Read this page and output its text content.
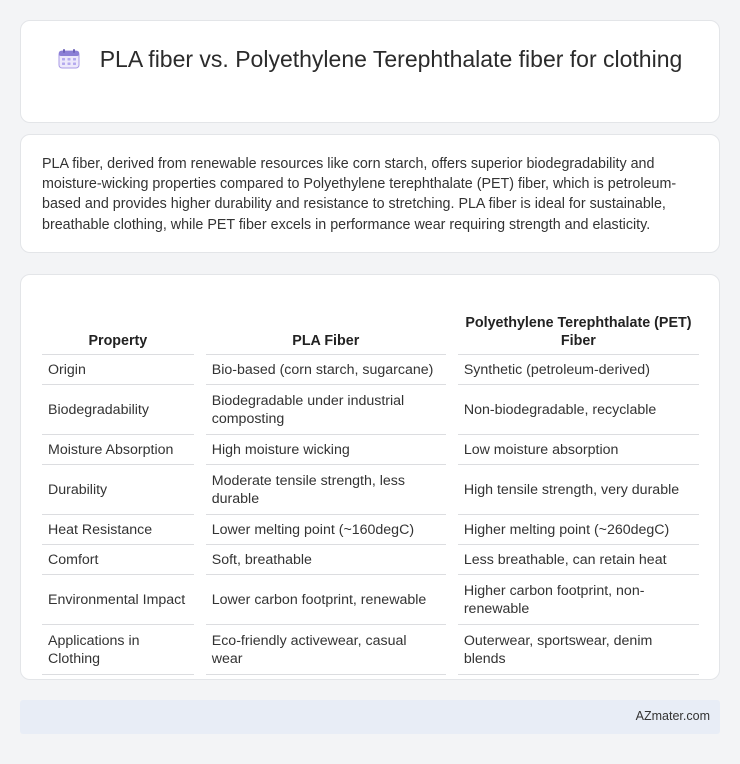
PLA fiber vs. Polyethylene Terephthalate fiber for clothing

PLA fiber, derived from renewable resources like corn starch, offers superior biodegradability and moisture-wicking properties compared to Polyethylene terephthalate (PET) fiber, which is petroleum-based and provides higher durability and resistance to stretching. PLA fiber is ideal for sustainable, breathable clothing, while PET fiber excels in performance wear requiring strength and elasticity.

Property		PLA Fiber		Polyethylene Terephthalate (PET) Fiber
Origin		Bio-based (corn starch, sugarcane)		Synthetic (petroleum-derived)
Biodegradability		Biodegradable under industrial composting		Non-biodegradable, recyclable
Moisture Absorption		High moisture wicking		Low moisture absorption
Durability		Moderate tensile strength, less durable		High tensile strength, very durable
Heat Resistance		Lower melting point (~160degC)		Higher melting point (~260degC)
Comfort		Soft, breathable		Less breathable, can retain heat
Environmental Impact		Lower carbon footprint, renewable		Higher carbon footprint, non-renewable
Applications in Clothing		Eco-friendly activewear, casual wear		Outerwear, sportswear, denim blends
AZmater.com
